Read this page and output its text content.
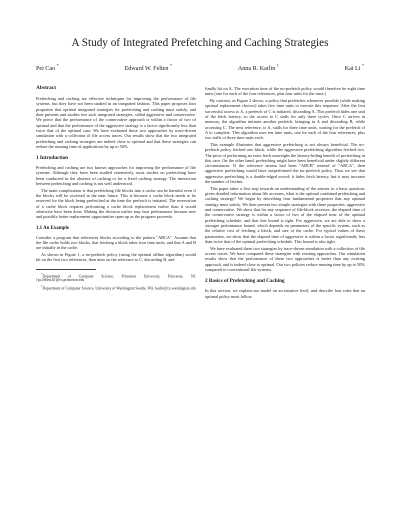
A Study of Integrated Prefetching and Caching Strategies
Pei Cao *
Edward W. Felten *
Anna R. Karlin †
Kai Li *
Abstract

Prefetching and caching are effective techniques for improving the performance of file systems, but they have not been studied in an integrated fashion. This paper proposes four properties that optimal integrated strategies for prefetching and caching must satisfy, and then presents and studies two such integrated strategies, called aggressive and conservative. We prove that the performance of the conservative approach is within a factor of two of optimal and that the performance of the aggressive strategy is a factor significantly less than twice that of the optimal case. We have evaluated these two approaches by trace-driven simulation with a collection of file access traces. Our results show that the two integrated prefetching and caching strategies are indeed close to optimal and that these strategies can reduce the running time of applications by up to 50%.

1 Introduction

Prefetching and caching are two known approaches for improving the performance of file systems. Although they have been studied extensively, most studies on prefetching have been conducted in the absence of caching or for a fixed caching strategy. The interaction between prefetching and caching is not well understood.

The main complication is that prefetching file blocks into a cache can be harmful even if the blocks will be accessed in the near future. This is because a cache block needs to be reserved for the block being prefetched at the time the prefetch is initiated. The reservation of a cache block requires performing a cache block replacement earlier than it would otherwise have been done. Making the decision earlier may hurt performance because new and possibly better replacement opportunities open up as the program proceeds.

1.1 An Example

Consider a program that references blocks according to the pattern "ABCA". Assume that the file cache holds two blocks, that fetching a block takes four time units, and that A and B are initially in the cache.

As shown in Figure 1, a no-prefetch policy (using the optimal offline algorithm) would hit on the first two references, then miss on the reference to C, discarding B, and

*Department of Computer Science, Princeton University, Princeton, NJ. {pc,felten,li}@cs.princeton.edu

†Department of Computer Science, University of Washington Seattle, WA. karlin@cs.washington.edu

finally hit on A. The execution time of the no-prefetch policy would therefore be eight time units (one for each of the four references, plus four units for the miss.)

By contrast, as Figure 2 shows, a policy that prefetches whenever possible (while making optimal replacement choices) takes five time units to execute this sequence. After the first successful access to A, a prefetch of C is initiated, discarding A. This prefetch hides one unit of the fetch latency, so the access to C stalls for only three cycles. Once C arrives in memory, the algorithm initiates another prefetch, bringing in A and discarding B, while accessing C. The next reference, to A, stalls for three time units, waiting for the prefetch of A to complete. This algorithm uses ten time units, one for each of the four references, plus two stalls of three time units each.

This example illustrates that aggressive prefetching is not always beneficial. The no-prefetch policy fetched one block, while the aggressive prefetching algorithm fetched two. The price of performing an extra fetch outweighs the latency-hiding benefit of prefetching in this case. On the other hand, prefetching might have been beneficial under slightly different circumstances. If the reference stream had been "ABCB" instead of "ABCA", then aggressive prefetching would have outperformed the no-prefetch policy. Thus we see that aggressive prefetching is a double-edged sword: it hides fetch latency, but it may increase the number of fetches.

This paper takes a first step towards an understanding of the answer to a basic question: given detailed information about file accesses, what is the optimal combined prefetching and caching strategy? We begin by describing four fundamental properties that any optimal strategy must satisfy. We then present two simple strategies with these properties: aggressive and conservative. We show that for any sequence of file-block accesses, the elapsed time of the conservative strategy is within a factor of two of the elapsed time of the optimal prefetching schedule, and that this bound is tight. For aggressive, we are able to show a stronger performance bound, which depends on parameters of the specific system, such as the relative cost of fetching a block, and size of the cache. For typical values of these parameters, we show that the elapsed time of aggressive is within a factor significantly less than twice that of the optimal prefetching schedule. This bound is also tight.

We have evaluated these two strategies by trace-driven simulation with a collection of file access traces. We have compared these strategies with existing approaches. Our simulation results show that the performance of these two approaches is better than any existing approach, and is indeed close to optimal. Our two policies reduce running time by up to 50% compared to conventional file systems.

2 Basics of Prefetching and Caching

In this section, we explain our model on an intuitive level, and describe four rules that an optimal policy must follow.
